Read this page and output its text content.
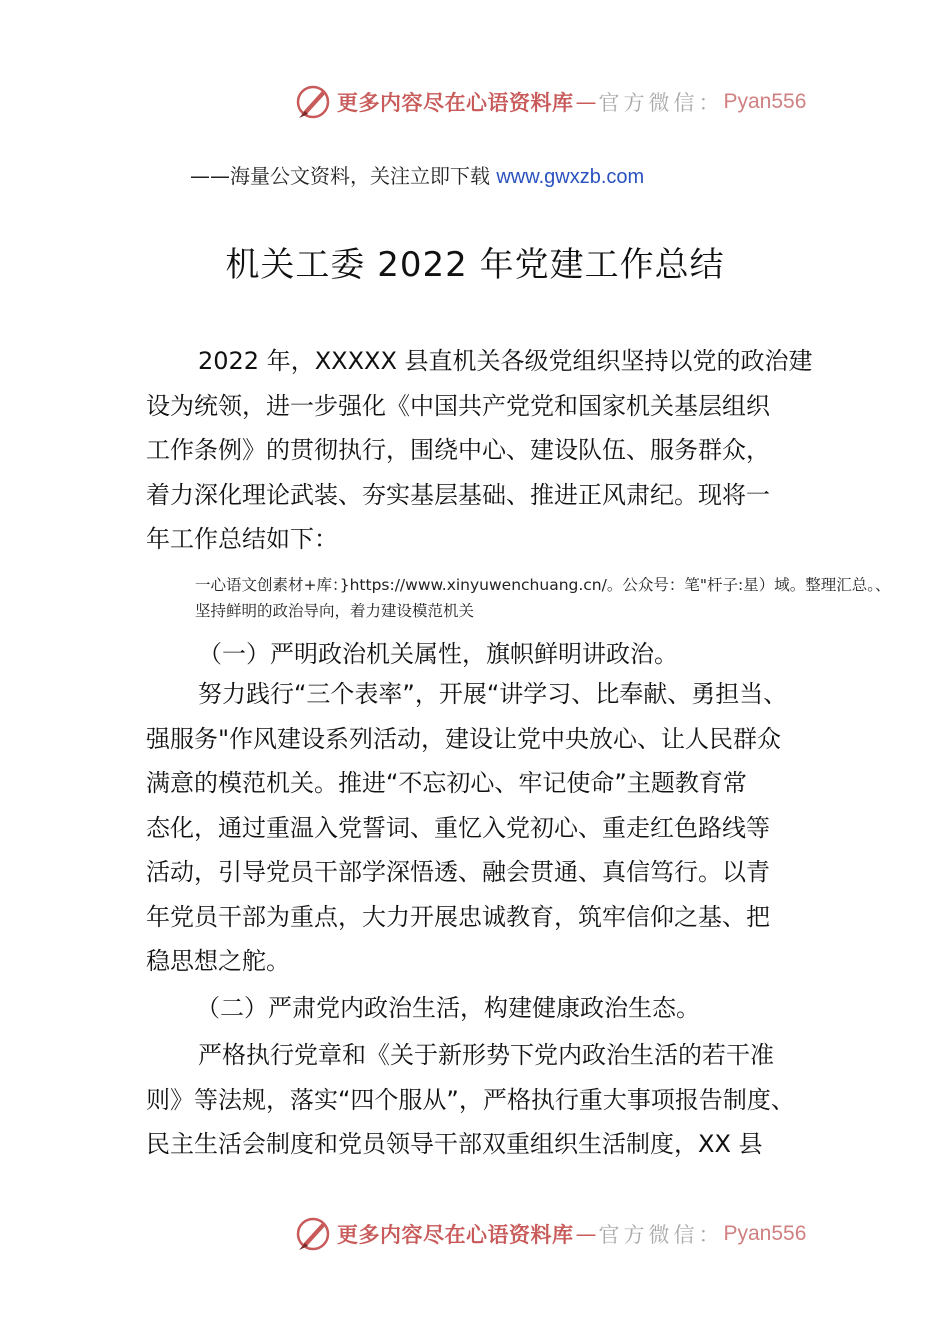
更多内容尽在心语资料库 — 官方微信： Pyan556
——海量公文资料，关注立即下载 www.gwxzb.com
机关工委 2022 年党建工作总结
2022 年，XXXXX 县直机关各级党组织坚持以党的政治建
设为统领，进一步强化《中国共产党党和国家机关基层组织
工作条例》的贯彻执行，围绕中心、建设队伍、服务群众，
着力深化理论武装、夯实基层基础、推进正风肃纪。现将一
年工作总结如下：
一心语文创素材+库：}https://www.xinyuwenchuang.cn/。公众号：笔"杆子:星）域。整理汇总。、
坚持鲜明的政治导向，着力建设模范机关
（一）严明政治机关属性，旗帜鲜明讲政治。
努力践行“三个表率”，开展“讲学习、比奉献、勇担当、
强服务"作风建设系列活动，建设让党中央放心、让人民群众
满意的模范机关。推进“不忘初心、牢记使命”主题教育常
态化，通过重温入党誓词、重忆入党初心、重走红色路线等
活动，引导党员干部学深悟透、融会贯通、真信笃行。以青
年党员干部为重点，大力开展忠诚教育，筑牢信仰之基、把
稳思想之舵。
（二）严肃党内政治生活，构建健康政治生态。
严格执行党章和《关于新形势下党内政治生活的若干准
则》等法规，落实“四个服从”，严格执行重大事项报告制度、
民主生活会制度和党员领导干部双重组织生活制度，XX 县
更多内容尽在心语资料库 — 官方微信： Pyan556
